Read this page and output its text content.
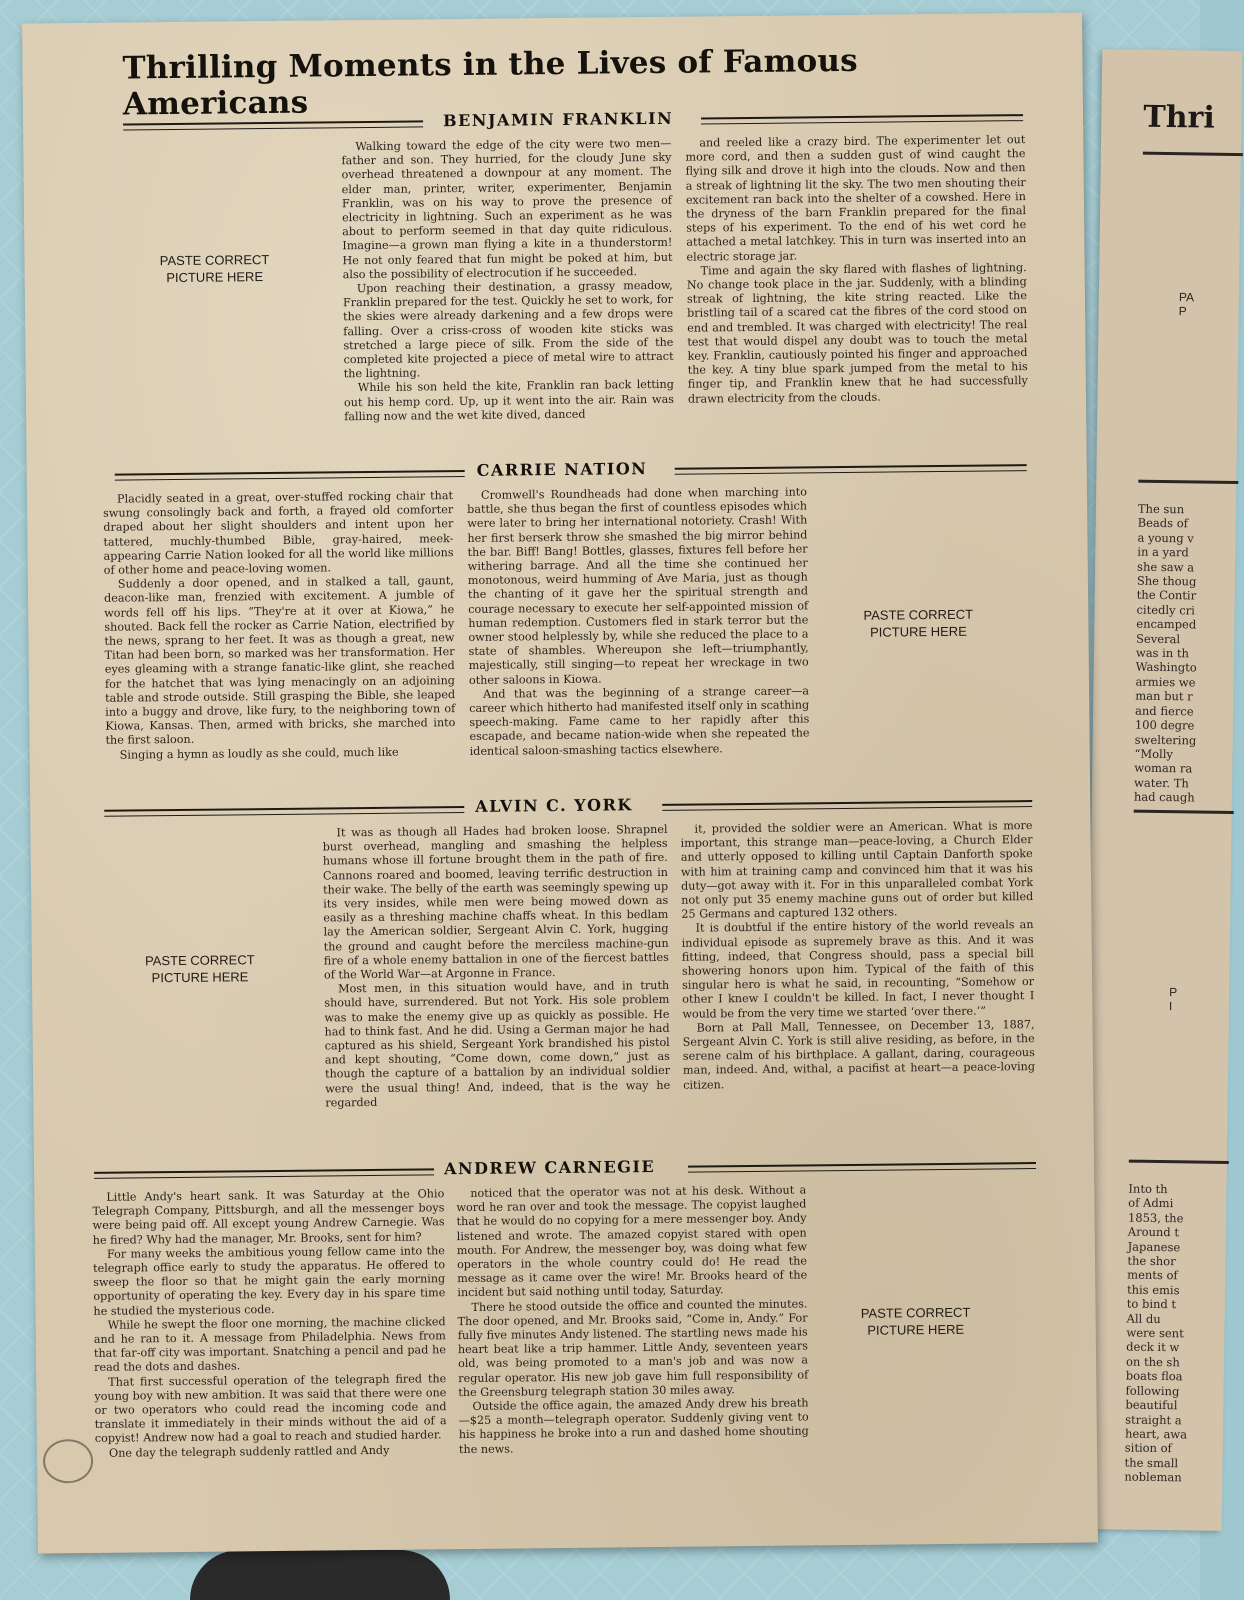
Thri
PA
P
The sun
Beads of
a young v
in a yard
she saw a
She thoug
the Contir
citedly cri
encamped
Several
was in th
Washingto
armies we
man but r
and fierce
100 degre
sweltering
“Molly
woman ra
water. Th
had caugh
P
I
Into th
of Admi
1853, the
Around t
Japanese
the shor
ments of
this emis
to bind t
All du
were sent
deck it w
on the sh
boats floa
following
beautiful
straight a
heart, awa
sition of
the small
nobleman
Thrilling Moments in the Lives of Famous Americans	BENJAMIN FRANKLIN
PASTE CORRECT
PICTURE HERE

Walking toward the edge of the city were two men—father and son. They hurried, for the cloudy June sky overhead threatened a downpour at any moment. The elder man, printer, writer, experimenter, Benjamin Franklin, was on his way to prove the presence of electricity in lightning. Such an experiment as he was about to perform seemed in that day quite ridiculous. Imagine—a grown man flying a kite in a thunderstorm! He not only feared that fun might be poked at him, but also the possibility of electrocution if he succeeded.

Upon reaching their destination, a grassy meadow, Franklin prepared for the test. Quickly he set to work, for the skies were already darkening and a few drops were falling. Over a criss-cross of wooden kite sticks was stretched a large piece of silk. From the side of the completed kite projected a piece of metal wire to attract the lightning.

While his son held the kite, Franklin ran back letting out his hemp cord. Up, up it went into the air. Rain was falling now and the wet kite dived, danced

and reeled like a crazy bird. The experimenter let out more cord, and then a sudden gust of wind caught the flying silk and drove it high into the clouds. Now and then a streak of lightning lit the sky. The two men shouting their excitement ran back into the shelter of a cowshed. Here in the dryness of the barn Franklin prepared for the final steps of his experiment. To the end of his wet cord he attached a metal latchkey. This in turn was inserted into an electric storage jar.

Time and again the sky flared with flashes of lightning. No change took place in the jar. Suddenly, with a blinding streak of lightning, the kite string reacted. Like the bristling tail of a scared cat the fibres of the cord stood on end and trembled. It was charged with electricity! The real test that would dispel any doubt was to touch the metal key. Franklin, cautiously pointed his finger and approached the key. A tiny blue spark jumped from the metal to his finger tip, and Franklin knew that he had successfully drawn electricity from the clouds.

CARRIE NATION

Placidly seated in a great, over-stuffed rocking chair that swung consolingly back and forth, a frayed old comforter draped about her slight shoulders and intent upon her tattered, muchly-thumbed Bible, gray-haired, meek-appearing Carrie Nation looked for all the world like millions of other home and peace-loving women.

Suddenly a door opened, and in stalked a tall, gaunt, deacon-like man, frenzied with excitement. A jumble of words fell off his lips. “They're at it over at Kiowa,” he shouted. Back fell the rocker as Carrie Nation, electrified by the news, sprang to her feet. It was as though a great, new Titan had been born, so marked was her transformation. Her eyes gleaming with a strange fanatic-like glint, she reached for the hatchet that was lying menacingly on an adjoining table and strode outside. Still grasping the Bible, she leaped into a buggy and drove, like fury, to the neighboring town of Kiowa, Kansas. Then, armed with bricks, she marched into the first saloon.

Singing a hymn as loudly as she could, much like

Cromwell's Roundheads had done when marching into battle, she thus began the first of countless episodes which were later to bring her international notoriety. Crash! With her first berserk throw she smashed the big mirror behind the bar. Biff! Bang! Bottles, glasses, fixtures fell before her withering barrage. And all the time she continued her monotonous, weird humming of Ave Maria, just as though the chanting of it gave her the spiritual strength and courage necessary to execute her self-appointed mission of human redemption. Customers fled in stark terror but the owner stood helplessly by, while she reduced the place to a state of shambles. Whereupon she left—triumphantly, majestically, still singing—to repeat her wreckage in two other saloons in Kiowa.

And that was the beginning of a strange career—a career which hitherto had manifested itself only in scathing speech-making. Fame came to her rapidly after this escapade, and became nation-wide when she repeated the identical saloon-smashing tactics elsewhere.

PASTE CORRECT
PICTURE HERE
ALVIN C. YORK
PASTE CORRECT
PICTURE HERE

It was as though all Hades had broken loose. Shrapnel burst overhead, mangling and smashing the helpless humans whose ill fortune brought them in the path of fire. Cannons roared and boomed, leaving terrific destruction in their wake. The belly of the earth was seemingly spewing up its very insides, while men were being mowed down as easily as a threshing machine chaffs wheat. In this bedlam lay the American soldier, Sergeant Alvin C. York, hugging the ground and caught before the merciless machine-gun fire of a whole enemy battalion in one of the fiercest battles of the World War—at Argonne in France.

Most men, in this situation would have, and in truth should have, surrendered. But not York. His sole problem was to make the enemy give up as quickly as possible. He had to think fast. And he did. Using a German major he had captured as his shield, Sergeant York brandished his pistol and kept shouting, “Come down, come down,” just as though the capture of a battalion by an individual soldier were the usual thing! And, indeed, that is the way he regarded

it, provided the soldier were an American. What is more important, this strange man—peace-loving, a Church Elder and utterly opposed to killing until Captain Danforth spoke with him at training camp and convinced him that it was his duty—got away with it. For in this unparalleled combat York not only put 35 enemy machine guns out of order but killed 25 Germans and captured 132 others.

It is doubtful if the entire history of the world reveals an individual episode as supremely brave as this. And it was fitting, indeed, that Congress should, pass a special bill showering honors upon him. Typical of the faith of this singular hero is what he said, in recounting, “Somehow or other I knew I couldn't be killed. In fact, I never thought I would be from the very time we started ‘over there.’”

Born at Pall Mall, Tennessee, on December 13, 1887, Sergeant Alvin C. York is still alive residing, as before, in the serene calm of his birthplace. A gallant, daring, courageous man, indeed. And, withal, a pacifist at heart—a peace-loving citizen.

ANDREW CARNEGIE

Little Andy's heart sank. It was Saturday at the Ohio Telegraph Company, Pittsburgh, and all the messenger boys were being paid off. All except young Andrew Carnegie. Was he fired? Why had the manager, Mr. Brooks, sent for him?

For many weeks the ambitious young fellow came into the telegraph office early to study the apparatus. He offered to sweep the floor so that he might gain the early morning opportunity of operating the key. Every day in his spare time he studied the mysterious code.

While he swept the floor one morning, the machine clicked and he ran to it. A message from Philadelphia. News from that far-off city was important. Snatching a pencil and pad he read the dots and dashes.

That first successful operation of the telegraph fired the young boy with new ambition. It was said that there were one or two operators who could read the incoming code and translate it immediately in their minds without the aid of a copyist! Andrew now had a goal to reach and studied harder.

One day the telegraph suddenly rattled and Andy

noticed that the operator was not at his desk. Without a word he ran over and took the message. The copyist laughed that he would do no copying for a mere messenger boy. Andy listened and wrote. The amazed copyist stared with open mouth. For Andrew, the messenger boy, was doing what few operators in the whole country could do! He read the message as it came over the wire! Mr. Brooks heard of the incident but said nothing until today, Saturday.

There he stood outside the office and counted the minutes. The door opened, and Mr. Brooks said, “Come in, Andy.” For fully five minutes Andy listened. The startling news made his heart beat like a trip hammer. Little Andy, seventeen years old, was being promoted to a man's job and was now a regular operator. His new job gave him full responsibility of the Greensburg telegraph station 30 miles away.

Outside the office again, the amazed Andy drew his breath—$25 a month—telegraph operator. Suddenly giving vent to his happiness he broke into a run and dashed home shouting the news.

PASTE CORRECT
PICTURE HERE
